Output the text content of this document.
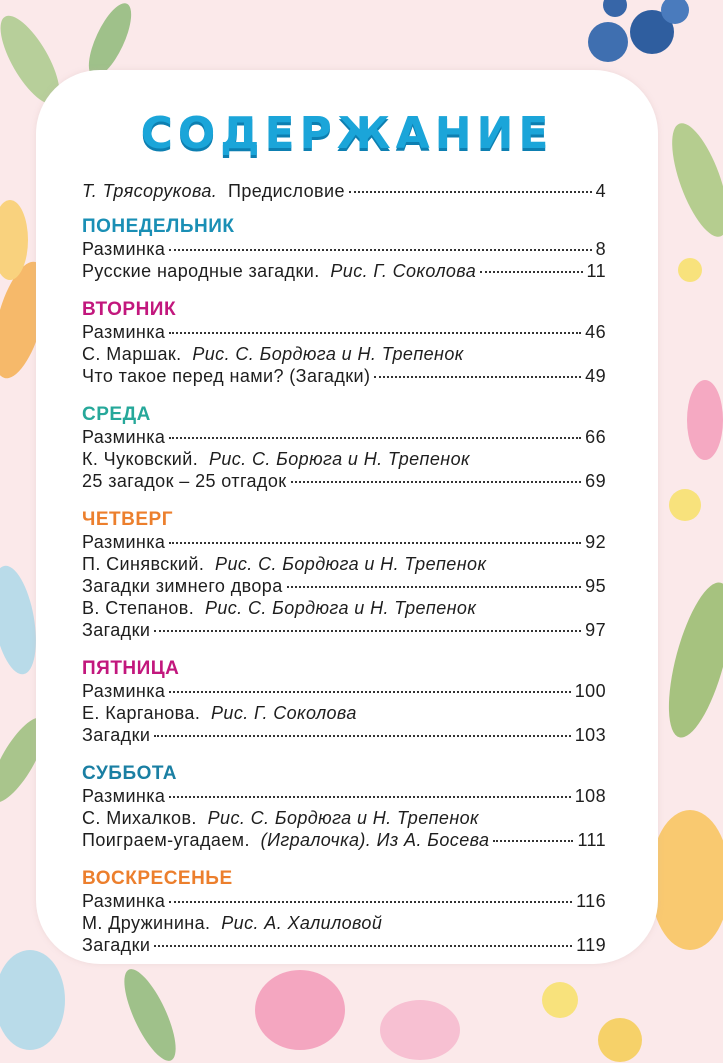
СОДЕРЖАНИЕ
Т. Трясорукова. Предисловие	4
ПОНЕДЕЛЬНИК
Разминка	8
Русские народные загадки. Рис. Г. Соколова	11
ВТОРНИК
Разминка	46
С. Маршак. Рис. С. Бордюга и Н. Трепенок
Что такое перед нами? (Загадки)	49
СРЕДА
Разминка	66
К. Чуковский. Рис. С. Борюга и Н. Трепенок
25 загадок – 25 отгадок	69
ЧЕТВЕРГ
Разминка	92
П. Синявский. Рис. С. Бордюга и Н. Трепенок
Загадки зимнего двора	95
В. Степанов. Рис. С. Бордюга и Н. Трепенок
Загадки	97
ПЯТНИЦА
Разминка	100
Е. Карганова. Рис. Г. Соколова
Загадки	103
СУББОТА
Разминка	108
С. Михалков. Рис. С. Бордюга и Н. Трепенок
Поиграем-угадаем. (Игралочка). Из А. Босева	111
ВОСКРЕСЕНЬЕ
Разминка	116
М. Дружинина. Рис. А. Халиловой
Загадки	119
